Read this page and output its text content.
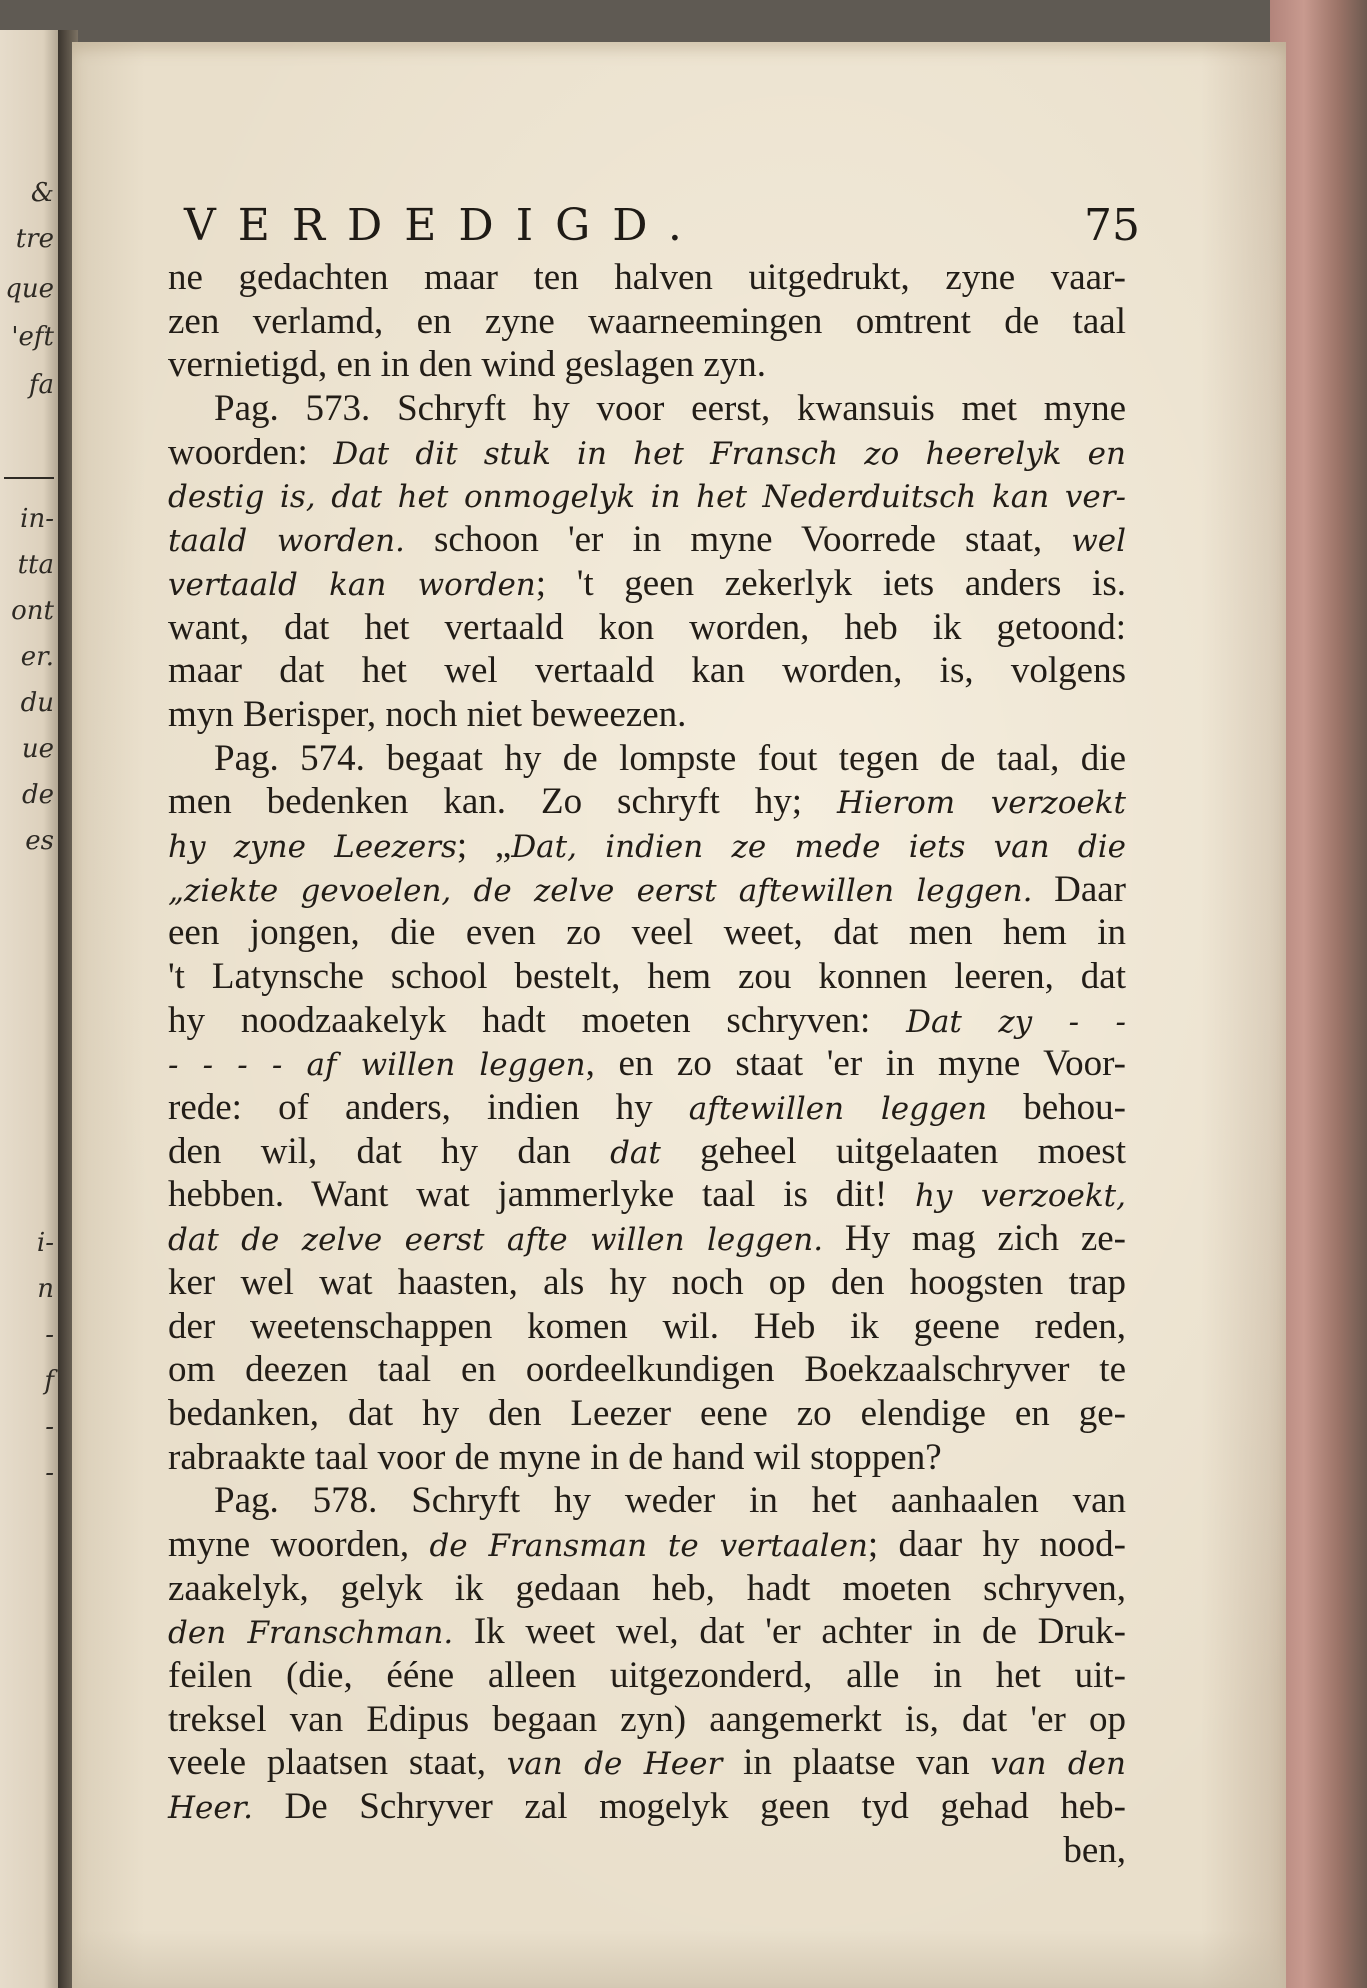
&
tre
que
'eft
fa
in-
tta
ont
er.
du
ue
de
es
i-
n
-
f
-
-
VERDEDIGD.	75
ne gedachten maar ten halven uitgedrukt, zyne vaar-
zen verlamd, en zyne waarneemingen omtrent de taal
vernietigd, en in den wind geslagen zyn.
Pag. 573. Schryft hy voor eerst, kwansuis met myne
woorden: Dat dit stuk in het Fransch zo heerelyk en
destig is, dat het onmogelyk in het Nederduitsch kan ver-
taald worden. schoon 'er in myne Voorrede staat, wel
vertaald kan worden; 't geen zekerlyk iets anders is.
want, dat het vertaald kon worden, heb ik getoond:
maar dat het wel vertaald kan worden, is, volgens
myn Berisper, noch niet beweezen.
Pag. 574. begaat hy de lompste fout tegen de taal, die
men bedenken kan. Zo schryft hy; Hierom verzoekt
hy zyne Leezers; „Dat, indien ze mede iets van die
„ziekte gevoelen, de zelve eerst aftewillen leggen. Daar
een jongen, die even zo veel weet, dat men hem in
't Latynsche school bestelt, hem zou konnen leeren, dat
hy noodzaakelyk hadt moeten schryven: Dat zy - -
- - - - af willen leggen, en zo staat 'er in myne Voor-
rede: of anders, indien hy aftewillen leggen behou-
den wil, dat hy dan dat geheel uitgelaaten moest
hebben. Want wat jammerlyke taal is dit! hy verzoekt,
dat de zelve eerst afte willen leggen. Hy mag zich ze-
ker wel wat haasten, als hy noch op den hoogsten trap
der weetenschappen komen wil. Heb ik geene reden,
om deezen taal en oordeelkundigen Boekzaalschryver te
bedanken, dat hy den Leezer eene zo elendige en ge-
rabraakte taal voor de myne in de hand wil stoppen?
Pag. 578. Schryft hy weder in het aanhaalen van
myne woorden, de Fransman te vertaalen; daar hy nood-
zaakelyk, gelyk ik gedaan heb, hadt moeten schryven,
den Franschman. Ik weet wel, dat 'er achter in de Druk-
feilen (die, ééne alleen uitgezonderd, alle in het uit-
treksel van Edipus begaan zyn) aangemerkt is, dat 'er op
veele plaatsen staat, van de Heer in plaatse van van den
Heer. De Schryver zal mogelyk geen tyd gehad heb-
ben,
